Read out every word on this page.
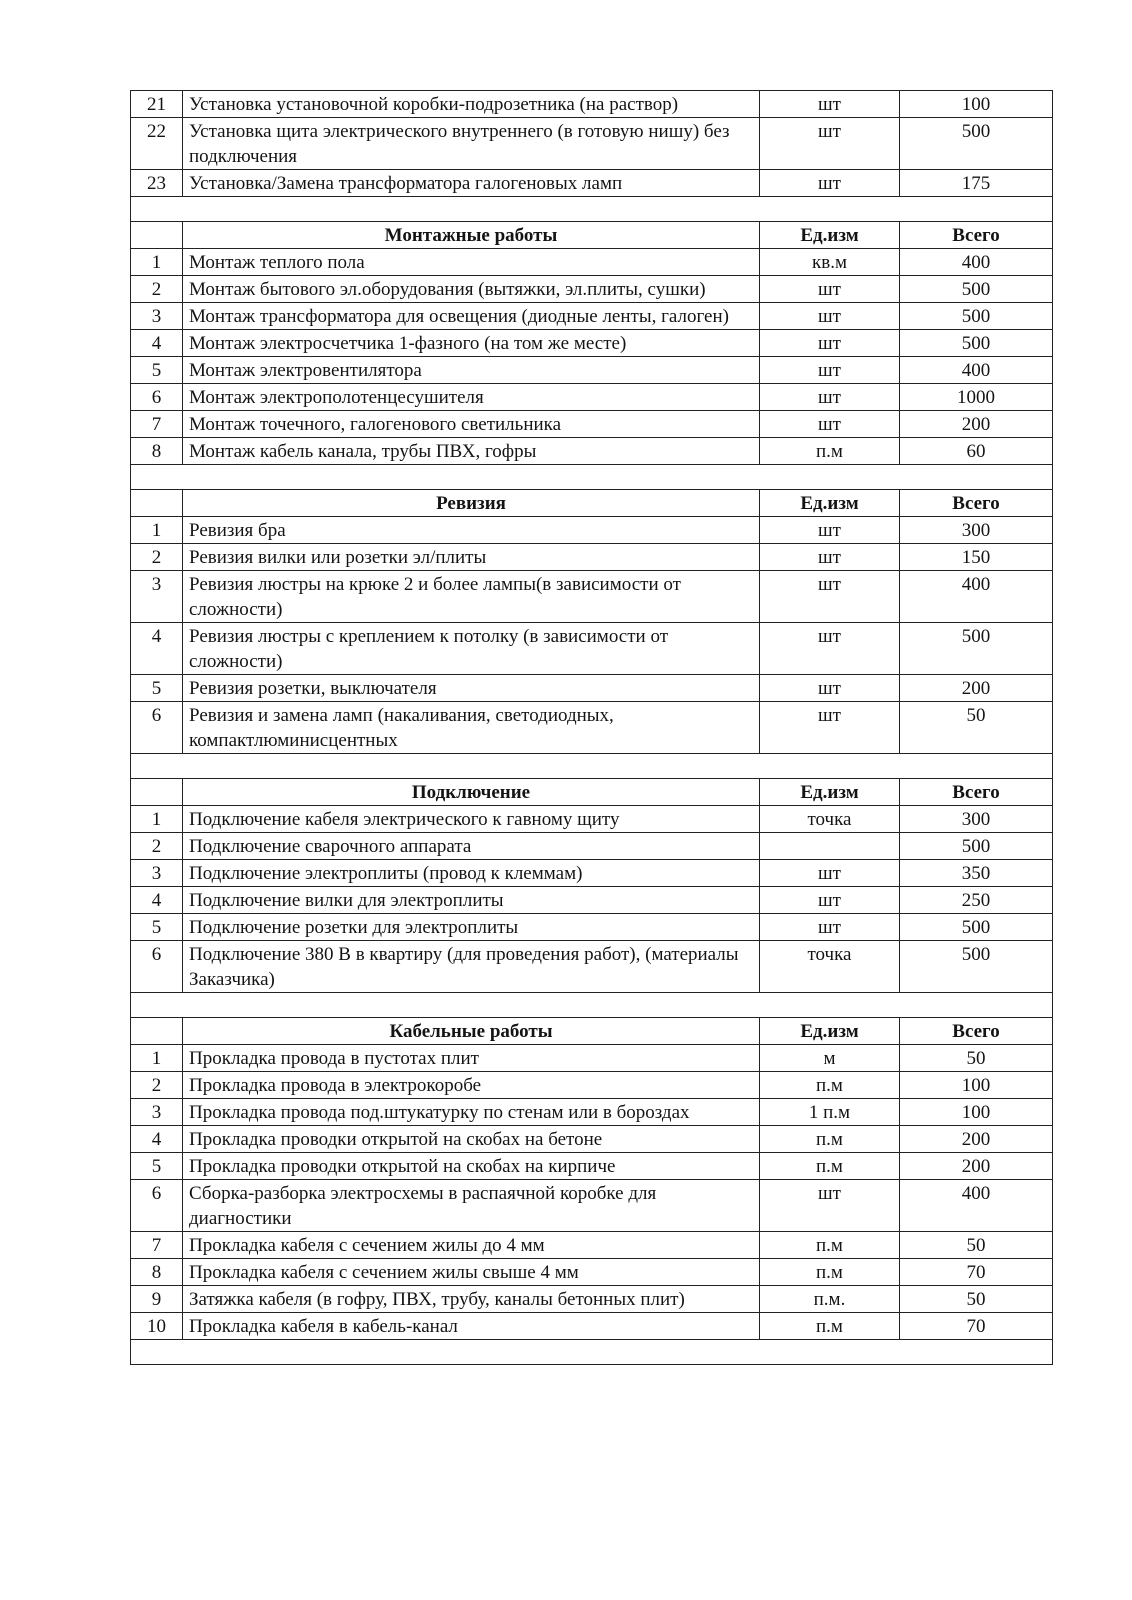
21	Установка установочной коробки-подрозетника (на раствор)	шт	100
22	Установка щита электрического внутреннего (в готовую нишу) без подключения	шт	500
23	Установка/Замена трансформатора галогеновых ламп	шт	175

	Монтажные работы	Ед.изм	Всего
1	Монтаж теплого пола	кв.м	400
2	Монтаж бытового эл.оборудования (вытяжки, эл.плиты, сушки)	шт	500
3	Монтаж трансформатора для освещения (диодные ленты, галоген)	шт	500
4	Монтаж электросчетчика 1-фазного (на том же месте)	шт	500
5	Монтаж электровентилятора	шт	400
6	Монтаж электрополотенцесушителя	шт	1000
7	Монтаж точечного, галогенового светильника	шт	200
8	Монтаж кабель канала, трубы ПВХ, гофры	п.м	60

	Ревизия	Ед.изм	Всего
1	Ревизия бра	шт	300
2	Ревизия вилки или розетки эл/плиты	шт	150
3	Ревизия люстры на крюке 2 и более лампы(в зависимости от сложности)	шт	400
4	Ревизия люстры с креплением к потолку (в зависимости от сложности)	шт	500
5	Ревизия розетки, выключателя	шт	200
6	Ревизия и замена ламп (накаливания, светодиодных, компактлюминисцентных	шт	50

	Подключение	Ед.изм	Всего
1	Подключение кабеля электрического к гавному щиту	точка	300
2	Подключение сварочного аппарата		500
3	Подключение электроплиты (провод к клеммам)	шт	350
4	Подключение вилки для электроплиты	шт	250
5	Подключение розетки для электроплиты	шт	500
6	Подключение 380 В в квартиру (для проведения работ), (материалы Заказчика)	точка	500

	Кабельные работы	Ед.изм	Всего
1	Прокладка провода в пустотах плит	м	50
2	Прокладка провода в электрокоробе	п.м	100
3	Прокладка провода под.штукатурку по стенам или в бороздах	1 п.м	100
4	Прокладка проводки открытой на скобах на бетоне	п.м	200
5	Прокладка проводки открытой на скобах на кирпиче	п.м	200
6	Сборка-разборка электросхемы в распаячной коробке для диагностики	шт	400
7	Прокладка кабеля с сечением жилы до 4 мм	п.м	50
8	Прокладка кабеля с сечением жилы свыше 4 мм	п.м	70
9	Затяжка кабеля (в гофру, ПВХ, трубу, каналы бетонных плит)	п.м.	50
10	Прокладка кабеля в кабель-канал	п.м	70
